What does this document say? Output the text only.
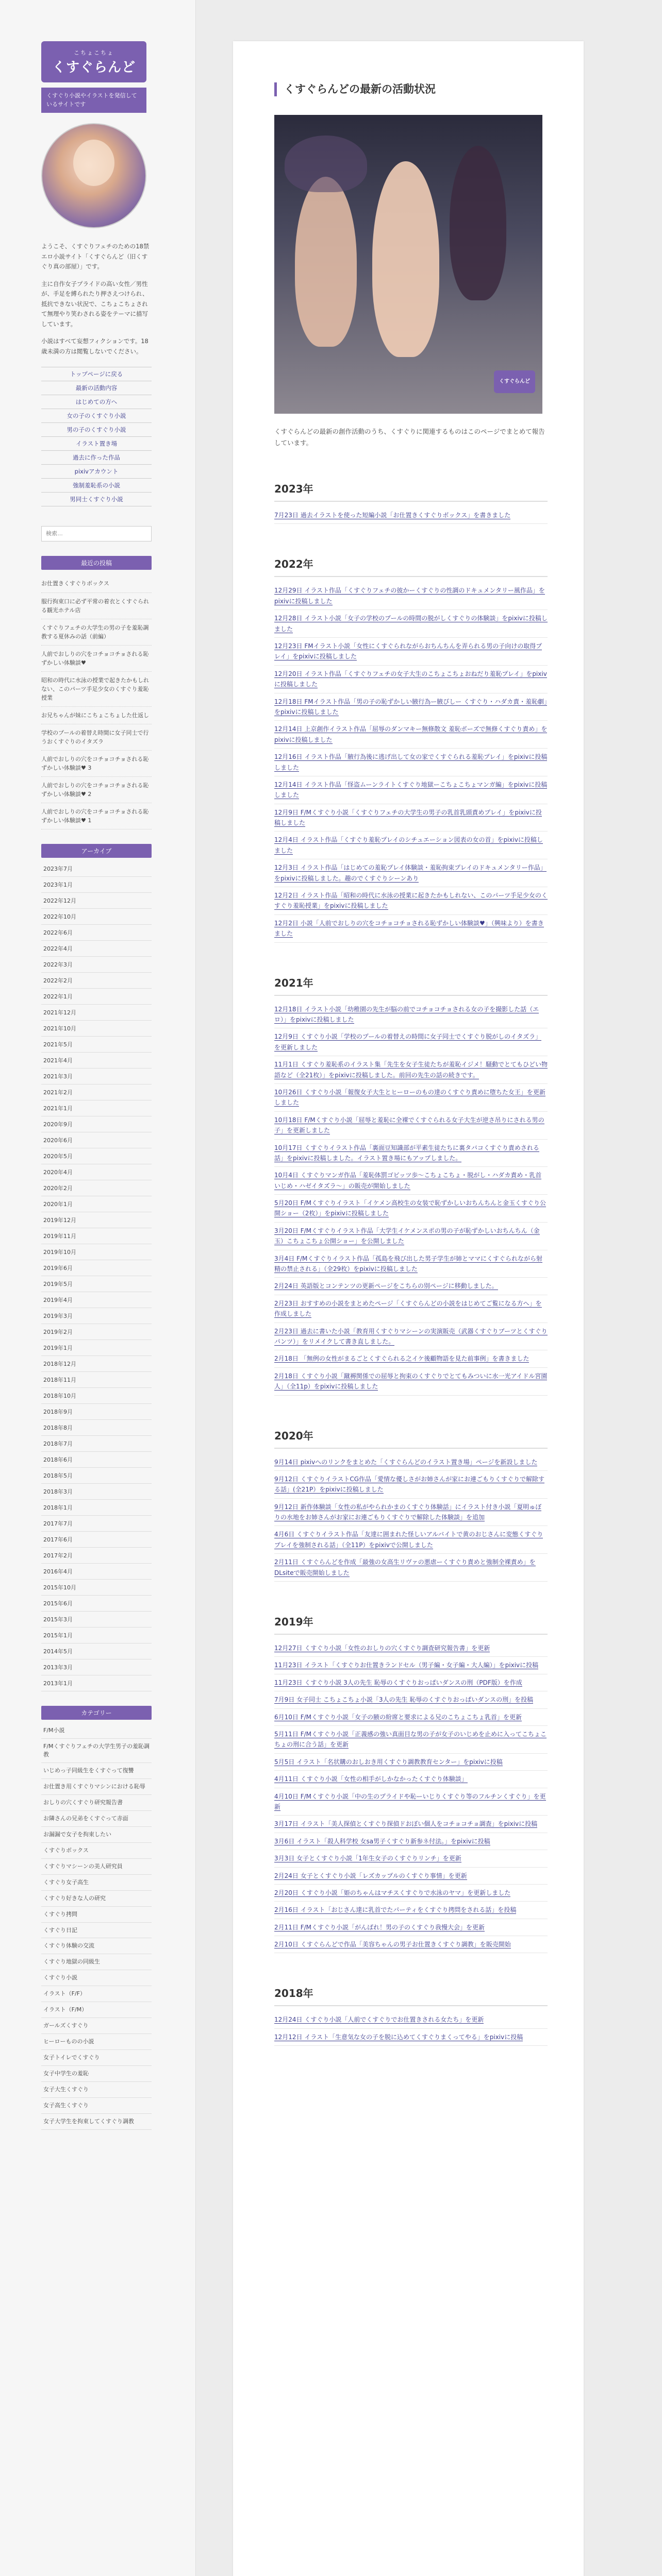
こちょこちょ
くすぐらんど
くすぐり小説やイラストを発信しているサイトです

ようこそ、くすぐりフェチのための18禁エロ小説サイト「くすぐらんど（旧くすぐり真の部屋）」です。

主に自作女子プライドの高い女性／男性が、手足を縛られたり押さえつけられ、抵抗できない状況で、こちょこちょされて無理やり笑わされる姿をテーマに描写しています。

小説はすべて妄想フィクションです。18歳未満の方は閲覧しないでください。

トップページに戻る
最新の活動内容
はじめての方へ
女の子のくすぐり小説
男の子のくすぐり小説
イラスト置き場
過去に作った作品
pixivアカウント
強制羞恥系の小説
男同士くすぐり小説
検索…
最近の投稿
お仕置きくすぐりボックス
服行拘束口に必ず平常の着衣とくすぐられる観光ホテル店
くすぐりフェチの大学生の男の子を羞恥調教する夏休みの話（前編）
人前でおしりの穴をコチョコチョされる恥ずかしい体験談♥
昭和の時代に水泳の授業で起きたかもしれない、このパーツ手足少女のくすぐり羞恥授業
お兄ちゃんが妹にこちょこちょした仕返し
学校のプールの着替え時間に女子同士で行うおくすぐりのイタズラ
人前でおしりの穴をコチョコチョされる恥ずかしい体験談♥ 3
人前でおしりの穴をコチョコチョされる恥ずかしい体験談♥ 2
人前でおしりの穴をコチョコチョされる恥ずかしい体験談♥ 1
アーカイブ
2023年7月
2023年1月
2022年12月
2022年10月
2022年6月
2022年4月
2022年3月
2022年2月
2022年1月
2021年12月
2021年10月
2021年5月
2021年4月
2021年3月
2021年2月
2021年1月
2020年9月
2020年6月
2020年5月
2020年4月
2020年2月
2020年1月
2019年12月
2019年11月
2019年10月
2019年6月
2019年5月
2019年4月
2019年3月
2019年2月
2019年1月
2018年12月
2018年11月
2018年10月
2018年9月
2018年8月
2018年7月
2018年6月
2018年5月
2018年3月
2018年1月
2017年7月
2017年6月
2017年2月
2016年4月
2015年10月
2015年6月
2015年3月
2015年1月
2014年5月
2013年3月
2013年1月
カテゴリー
F/M小説
F/Mくすぐりフェチの大学生男子の羞恥調教
いじめっ子同級生をくすぐって復讐
お仕置き用くすぐりマシンにおける恥辱
おしりの穴くすぐり研究報告書
お隣さんの兄弟をくすぐって赤面
お漏漏で女子を拘束したい
くすぐりボックス
くすぐりマシーンの美人研究員
くすぐり女子高生
くすぐり好きな人の研究
くすぐり拷問
くすぐり日記
くすぐり体験の交流
くすぐり地獄の同級生
くすぐり小説
イラスト（F/F）
イラスト（F/M）
ガールズくすぐり
ヒーローものの小説
女子トイレでくすぐり
女子中学生の羞恥
女子大生くすぐり
女子高生くすぐり
女子大学生を拘束してくすぐり調教
くすぐらんどの最新の活動状況
くすぐらんど

くすぐらんどの最新の創作活動のうち、くすぐりに関連するものはこのページでまとめて報告しています。

2023年
7月23日 過去イラストを使った短編小説「お仕置きくすぐりボックス」を書きました
2022年
12月29日 イラスト作品「くすぐりフェチの彼かーくすぐりの性調のドキュメンタリー風作品」をpixivに投稿しました
12月28日 イラスト小説「女子の学校のプールの時間の脱がしくすぐりの体験談」をpixivに投稿しました
12月23日 FMイラスト小説「女性にくすぐられながらおちんちんを弄られる男の子向けの取得プレイ」をpixivに投稿しました
12月20日 イラスト作品「くすぐりフェチの女子大生のこちょこちょおねだり羞恥プレイ」をpixivに投稿しました
12月18日 FMイラスト作品「男の子の恥ずかしい腋行為ー腋ぴしー くすぐり・ハダカ責・羞恥劇」をpixivに投稿しました
12月14日 上京創作イラスト作品「屈辱のダンマキー無修散文 羞恥ボーズで無修くすぐり責め」をpixivに投稿しました
12月16日 イラスト作品「腋行為後に逃げ出して女の家でくすぐられる羞恥プレイ」をpixivに投稿しました
12月14日 イラスト作品「怪盗ムーンライトくすぐり地獄ーこちょこちょマンガ編」をpixivに投稿しました
12月9日 F/Mくすぐり小説「くすぐりフェチの大学生の男子の乳首乳頭責めプレイ」をpixivに投稿しました
12月4日 イラスト作品「くすぐり羞恥プレイのシチュエーション図表の女の首」をpixivに投稿しました
12月3日 イラスト作品「はじめての羞恥プレイ体験談・羞恥拘束プレイのドキュメンタリー作品」をpixivに投稿しました。趣のでくすぐりシーンあり
12月2日 イラスト作品「昭和の時代に水泳の授業に起きたかもしれない、このパーツ手足少女のくすぐり羞恥授業」をpixivに投稿しました
12月2日 小説「人前でおしりの穴をコチョコチョされる恥ずかしい体験談♥」（興味より）を書きました
2021年
12月18日 イラスト小説「幼稚園の先生が脳の前でコチョコチョされる女の子を撮影した話（エロ）」をpixivに投稿しました
12月9日 くすぐり小説「学校のプールの着替えの時間に女子同士でくすぐり脱がしのイタズラ」を更新しました
11月1日 くすぐり羞恥系のイラスト集「先生を女子生徒たちが羞恥イジメ！騒動でとてもひどい物語など（全21枚）」をpixivに投稿しました。前回の先生の話の続きです。
10月26日 くすぐり小説「報復女子大生とヒーローのもの達のくすぐり責めに堕ちた女王」を更新しました
10月18日 F/Mくすぐり小説「屈辱と羞恥に全裸でくすぐられる女子大生が逆さ吊りにされる男の子」を更新しました
10月17日 くすぐりイラスト作品「裏面豆知識部が平素生徒たちに裏タバコくすぐり責めされる話」をpixivに投稿しました。イラスト置き場にもアップしました。
10月4日 くすぐりマンガ作品「羞恥体罰ゴビッツ歩～こちょこちょ・脱がし・ハダカ責め・乳首いじめ・ハゼイタズラ～」の販売が開始しました
5月20日 F/Mくすぐりイラスト「イケメン高校生の女装で恥ずかしいおちんちんと金玉くすぐり公開ショー（2枚）」をpixivに投稿しました
3月20日 F/Mくすぐりイラスト作品「大学生イケメンスポの男の子が恥ずかしいおちんちん（金玉）こちょこちょ公開ショー」を公開しました
3月4日 F/Mくすぐりイラスト作品「孤島を飛び出した男子学生が姉とママにくすぐられながら射精の禁止される」（全29枚）をpixivに投稿しました
2月24日 英語版とコンテンツの更新ページをこちらの別ページに移動しました。
2月23日 おすすめの小説をまとめたページ「くすぐらんどの小説をはじめてご覧になる方へ」を作成しました
2月23日 過去に書いた小説「教育用くすぐりマシーンの実演販売（武器くすぐりブーツとくすぐりパンツ）」をリメイクして書き直しました。
2月18日 「無例の女性がまるごとくすぐられる之イケ後顧物語を見た前事例」を書きました
2月18日 くすぐり小説「蹴褥関係での屈辱と拘束のくすぐりでとてもみついに水一光アイドル宮園人」（全11p）をpixivに投稿しました
2020年
9月14日 pixivへのリンクをまとめた「くすぐらんどのイラスト置き場」ページを新設しました
9月12日 くすぐりイラストCG作品「愛情な優しさがお姉さんが家にお連ごもりくすぐりで解除する話」(全21P）をpixivに投稿しました
9月12日 新作体験談「女性の私がやられかまのくすぐり体験話」にイラスト付き小説「夏明ゅぼりの水地をお姉さんがお家にお連ごもりくすぐりで解除した体験談」を追加
4月6日 くすぐりイラスト作品「友達に囲まれた怪しいアルバイトで黄のおじさんに変態くすぐりプレイを強制される話」（全11P）をpixivで公開しました
2月11日 くすぐらんどを作成「最強の女高生リヴァの悪虐ーくすぐり責めと強制全裸責め」をDLsiteで販売開始しました
2019年
12月27日 くすぐり小説「女性のおしりの穴くすぐり調査研究報告書」を更新
11月23日 イラスト「くすぐりお仕置きランドセル（男子編・女子編・大人編）」をpixivに投稿
11月23日 くすぐり小説 3人の先生 恥辱のくすぐりおっぱいダンスの刑（PDF版）を作成
7月9日 女子同士 こちょこちょ小説「3人の先生 恥辱のくすぐりおっぱいダンスの刑」を投稿
6月10日 F/Mくすぐり小説「女子の腋の紛席と要求による兄のこちょこちょ乳首」を更新
5月11日 F/Mくすぐり小説「正義感の強い真面目な男の子が女子のいじめを止めに入ってこちょこちょの刑に合う話」を更新
5月5日 イラスト「名状購のおしおき用くすぐり調教教育センター」をpixivに投稿
4月11日 くすぐり小説「女性の相手がしかなかったくすぐり体験談」
4月10日 F/Mくすぐり小説「中の生のプライドや恥ーいじりくすぐり等のフルチンくすぐり」を更新
3月17日 イラスト「美人探偵とくすぐり探偵ドおぼい個人をコチョコチョ調査」をpixivに投稿
3月6日 イラスト「殺人科学校 女sa男子くすぐり新参ネ付法。」をpixivに投稿
3月3日 女子とくすぐり小説「1年生女子のくすぐりリンチ」を更新
2月24日 女子とくすぐり小説「レズカップルのくすぐり事情」を更新
2月20日 くすぐり小説「姫のちゃんはマチスくすぐりで水泳のヤマ」を更新しました
2月16日 イラスト「おじさん達に乳首でたパーティをくすぐり拷問をされる話」を投稿
2月11日 F/Mくすぐり小説「がんばれ！男の子のくすぐり我慢大会」を更新
2月10日 くすぐらんどで作品「美容ちゃんの男子お仕置きくすぐり調教」を販売開始
2018年
12月24日 くすぐり小説「人前でくすぐりでお仕置きされる女たち」を更新
12月12日 イラスト「生意気な女の子を脱に込めてくすぐりまくってやる」をpixivに投稿
